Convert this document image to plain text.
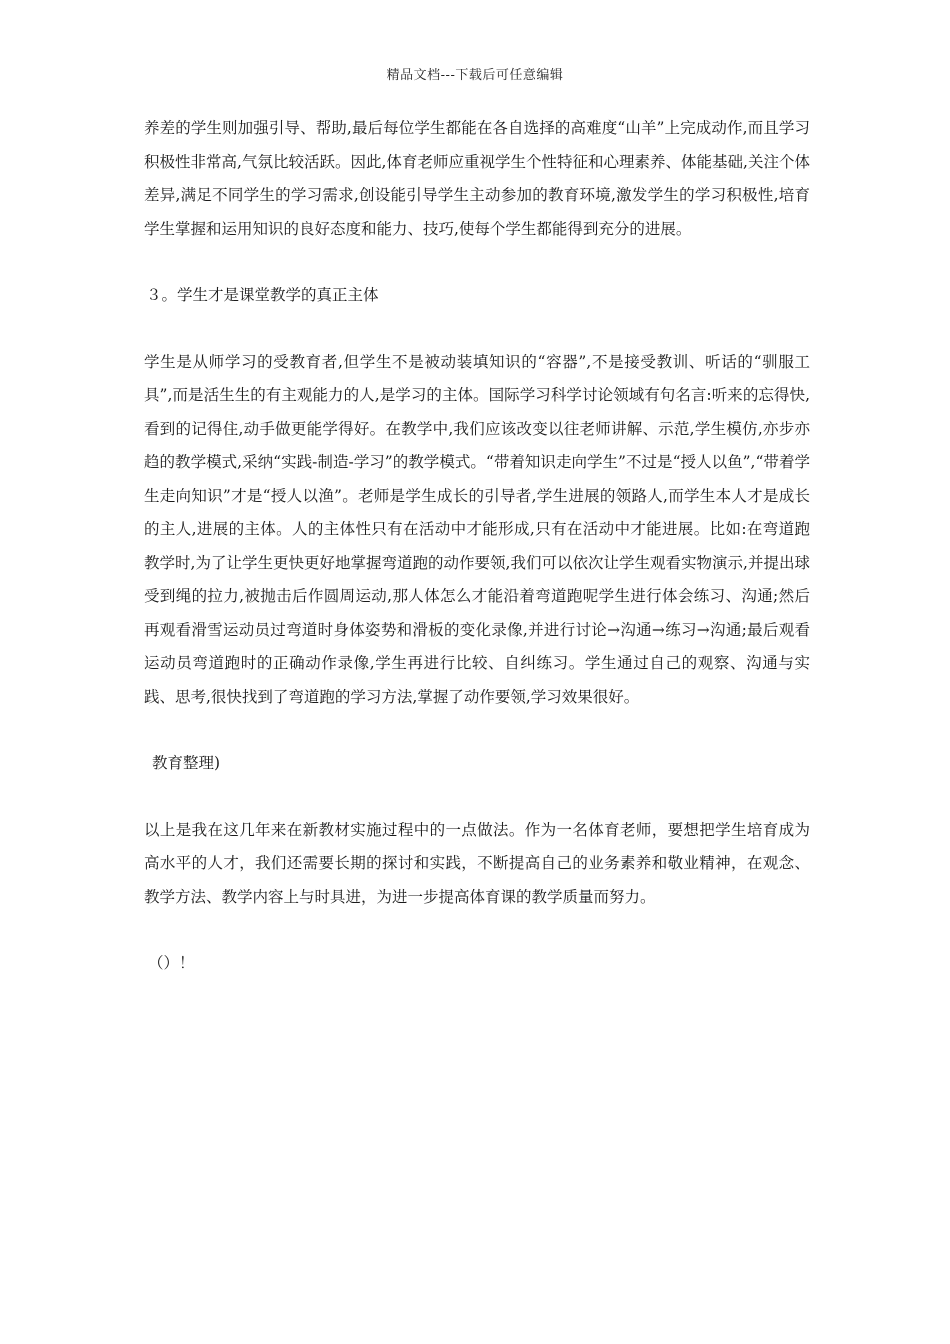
精品文档---下载后可任意编辑

养差的学生则加强引导、帮助,最后每位学生都能在各自选择的高难度“山羊”上完成动作,而且学习积极性非常高,气氛比较活跃。因此,体育老师应重视学生个性特征和心理素养、体能基础,关注个体差异,满足不同学生的学习需求,创设能引导学生主动参加的教育环境,激发学生的学习积极性,培育学生掌握和运用知识的良好态度和能力、技巧,使每个学生都能得到充分的进展。

３。学生才是课堂教学的真正主体

学生是从师学习的受教育者,但学生不是被动装填知识的“容器”,不是接受教训、听话的“驯服工具”,而是活生生的有主观能力的人,是学习的主体。国际学习科学讨论领域有句名言:听来的忘得快,看到的记得住,动手做更能学得好。在教学中,我们应该改变以往老师讲解、示范,学生模仿,亦步亦趋的教学模式,采纳“实践-制造-学习”的教学模式。“带着知识走向学生”不过是“授人以鱼”,“带着学生走向知识”才是“授人以渔”。老师是学生成长的引导者,学生进展的领路人,而学生本人才是成长的主人,进展的主体。人的主体性只有在活动中才能形成,只有在活动中才能进展。比如:在弯道跑教学时,为了让学生更快更好地掌握弯道跑的动作要领,我们可以依次让学生观看实物演示,并提出球受到绳的拉力,被抛击后作圆周运动,那人体怎么才能沿着弯道跑呢学生进行体会练习、沟通;然后再观看滑雪运动员过弯道时身体姿势和滑板的变化录像,并进行讨论→沟通→练习→沟通;最后观看运动员弯道跑时的正确动作录像,学生再进行比较、自纠练习。学生通过自己的观察、沟通与实践、思考,很快找到了弯道跑的学习方法,掌握了动作要领,学习效果很好。

教育整理)

以上是我在这几年来在新教材实施过程中的一点做法。作为一名体育老师，要想把学生培育成为高水平的人才，我们还需要长期的探讨和实践，不断提高自己的业务素养和敬业精神，在观念、教学方法、教学内容上与时具进，为进一步提高体育课的教学质量而努力。

（）！
